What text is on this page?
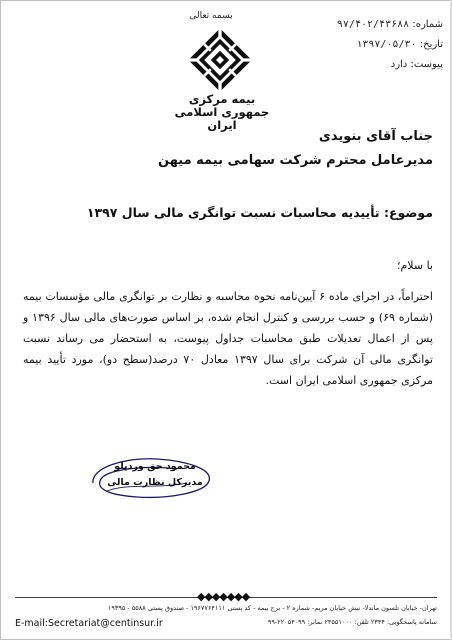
بسمه تعالی
بیمه مرکزی
جمهوری اسلامی ایران
شماره: ۹۷/۴۰۲/۴۳۶۸۸
تاریخ: ۱۳۹۷/۰۵/۳۰
پیوست: دارد
جناب آقای بنویدی
مدیرعامل محترم شرکت سهامی بیمه میهن
موضوع: تأییدیه محاسبات نسبت توانگری مالی سال ۱۳۹۷
با سلام؛
احتراماً، در اجرای ماده ۶ آیین‌نامه نحوه محاسبه و نظارت بر توانگری مالی مؤسسات بیمه (شماره ۶۹) و حسب بررسی و کنترل انجام شده، بر اساس صورت‌های مالی سال ۱۳۹۶ و پس از اعمال تعدیلات طبق محاسبات جداول پیوست، به استحضار می رساند نسبت توانگری مالی آن شرکت برای سال ۱۳۹۷ معادل ۷۰ درصد(سطح دو)، مورد تأیید بیمه مرکزی جمهوری اسلامی ایران است.
محمود حق وردیلو
مدیرکل نظارت مالی
◆◆◆◆◆◆◆
تهران- خیابان تلسون ماندلا- نبش خیابان مریم- شماره ۲ - برج بیمه - کد پستی ۱۹۶۷۷۶۴۱۱۱ - صندوق پستی ۵۵۸۸ - ۱۹۳۹۵
E-mail:Secretariat@centinsur.ir	سامانه پاسخگویی: ۲۳۴۴ تلفن: ۲۴۵۵۱۰۰۰ نمابر: ۲۲۰۵۴۰۹۹-۹۹
